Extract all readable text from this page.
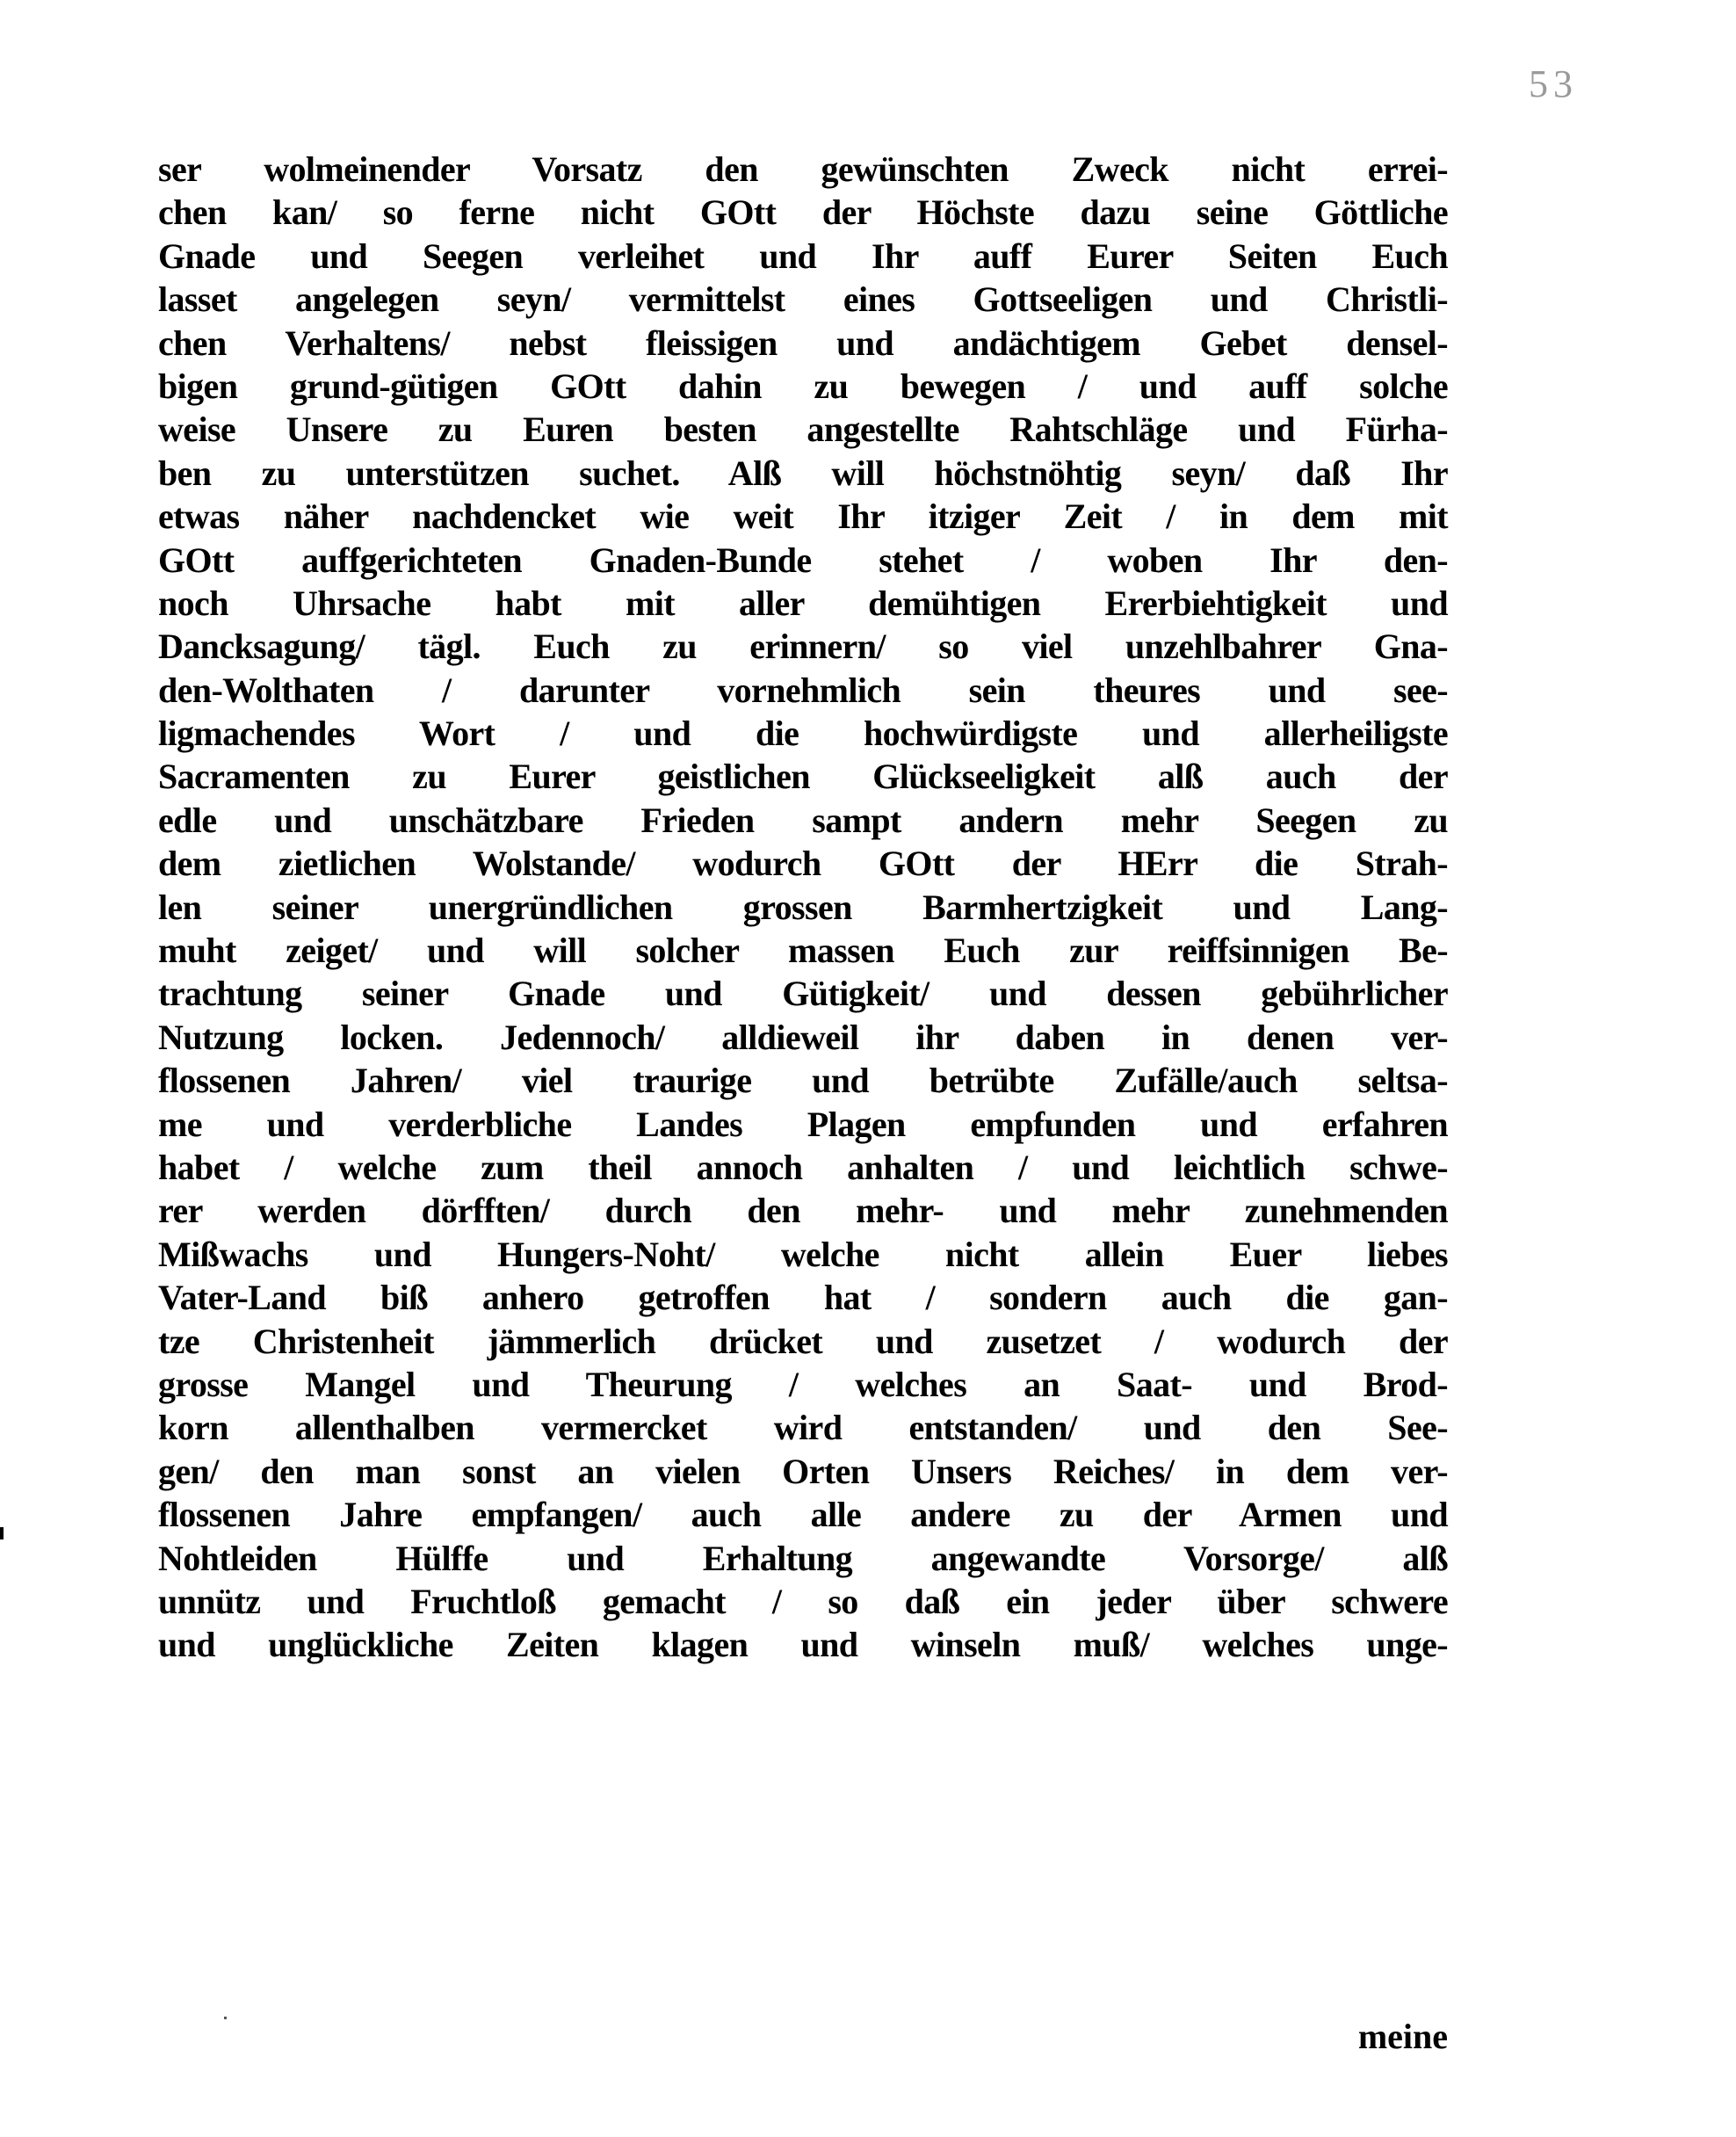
53
ser wolmeinender Vorsatz den gewünschten Zweck nicht errei-
chen kan/ so ferne nicht GOtt der Höchste dazu seine Göttliche
Gnade und Seegen verleihet und Ihr auff Eurer Seiten Euch
lasset angelegen seyn/ vermittelst eines Gottseeligen und Christli-
chen Verhaltens/ nebst fleissigen und andächtigem Gebet densel-
bigen grund-gütigen GOtt dahin zu bewegen / und auff solche
weise Unsere zu Euren besten angestellte Rahtschläge und Fürha-
ben zu unterstützen suchet. Alß will höchstnöhtig seyn/ daß Ihr
etwas näher nachdencket wie weit Ihr itziger Zeit / in dem mit
GOtt auffgerichteten Gnaden-Bunde stehet / woben Ihr den-
noch Uhrsache habt mit aller demühtigen Ererbiehtigkeit und
Dancksagung/ tägl. Euch zu erinnern/ so viel unzehlbahrer Gna-
den-Wolthaten / darunter vornehmlich sein theures und see-
ligmachendes Wort / und die hochwürdigste und allerheiligste
Sacramenten zu Eurer geistlichen Glückseeligkeit alß auch der
edle und unschätzbare Frieden sampt andern mehr Seegen zu
dem zietlichen Wolstande/ wodurch GOtt der HErr die Strah-
len seiner unergründlichen grossen Barmhertzigkeit und Lang-
muht zeiget/ und will solcher massen Euch zur reiffsinnigen Be-
trachtung seiner Gnade und Gütigkeit/ und dessen gebührlicher
Nutzung locken. Jedennoch/ alldieweil ihr daben in denen ver-
flossenen Jahren/ viel traurige und betrübte Zufälle/auch seltsa-
me und verderbliche Landes Plagen empfunden und erfahren
habet / welche zum theil annoch anhalten / und leichtlich schwe-
rer werden dörfften/ durch den mehr- und mehr zunehmenden
Mißwachs und Hungers-Noht/ welche nicht allein Euer liebes
Vater-Land biß anhero getroffen hat / sondern auch die gan-
tze Christenheit jämmerlich drücket und zusetzet / wodurch der
grosse Mangel und Theurung / welches an Saat- und Brod-
korn allenthalben vermercket wird entstanden/ und den See-
gen/ den man sonst an vielen Orten Unsers Reiches/ in dem ver-
flossenen Jahre empfangen/ auch alle andere zu der Armen und
Nohtleiden Hülffe und Erhaltung angewandte Vorsorge/ alß
unnütz und Fruchtloß gemacht / so daß ein jeder über schwere
und unglückliche Zeiten klagen und winseln muß/ welches unge-
meine
